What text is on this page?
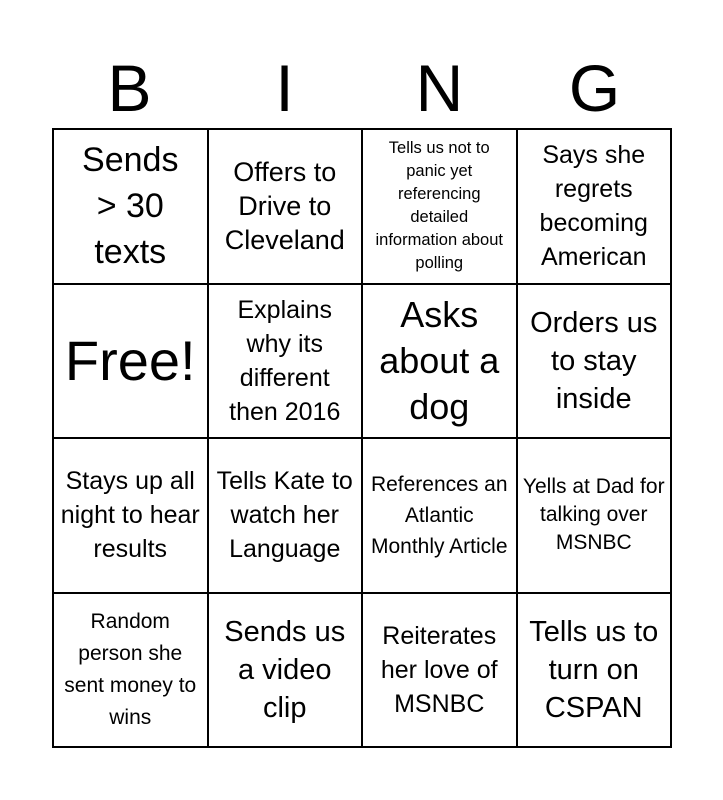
B	I	N	G
Sends > 30 texts
Offers to Drive to Cleveland
Tells us not to panic yet referencing detailed information about polling
Says she regrets becoming American
Free!
Explains why its different then 2016
Asks about a dog
Orders us to stay inside
Stays up all night to hear results
Tells Kate to watch her Language
References an Atlantic Monthly Article
Yells at Dad for talking over MSNBC
Random person she sent money to wins
Sends us a video clip
Reiterates her love of MSNBC
Tells us to turn on CSPAN
